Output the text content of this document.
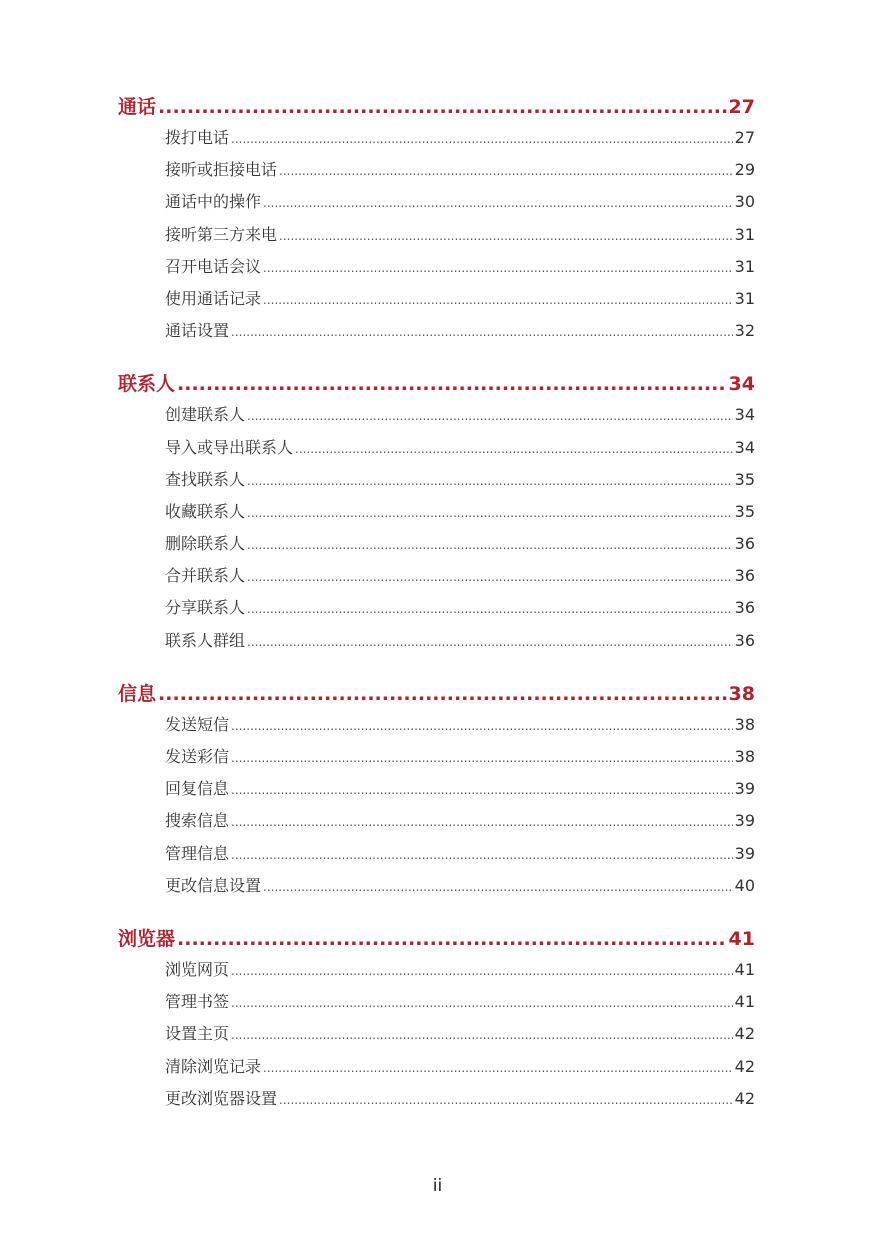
通话 .....	27
拨打电话 .....	27
接听或拒接电话 .....	29
通话中的操作 .....	30
接听第三方来电 .....	31
召开电话会议 .....	31
使用通话记录 .....	31
通话设置 .....	32
联系人 .....	34
创建联系人 .....	34
导入或导出联系人 .....	34
查找联系人 .....	35
收藏联系人 .....	35
删除联系人 .....	36
合并联系人 .....	36
分享联系人 .....	36
联系人群组 .....	36
信息 .....	38
发送短信 .....	38
发送彩信 .....	38
回复信息 .....	39
搜索信息 .....	39
管理信息 .....	39
更改信息设置 .....	40
浏览器 .....	41
浏览网页 .....	41
管理书签 .....	41
设置主页 .....	42
清除浏览记录 .....	42
更改浏览器设置 .....	42
ii
